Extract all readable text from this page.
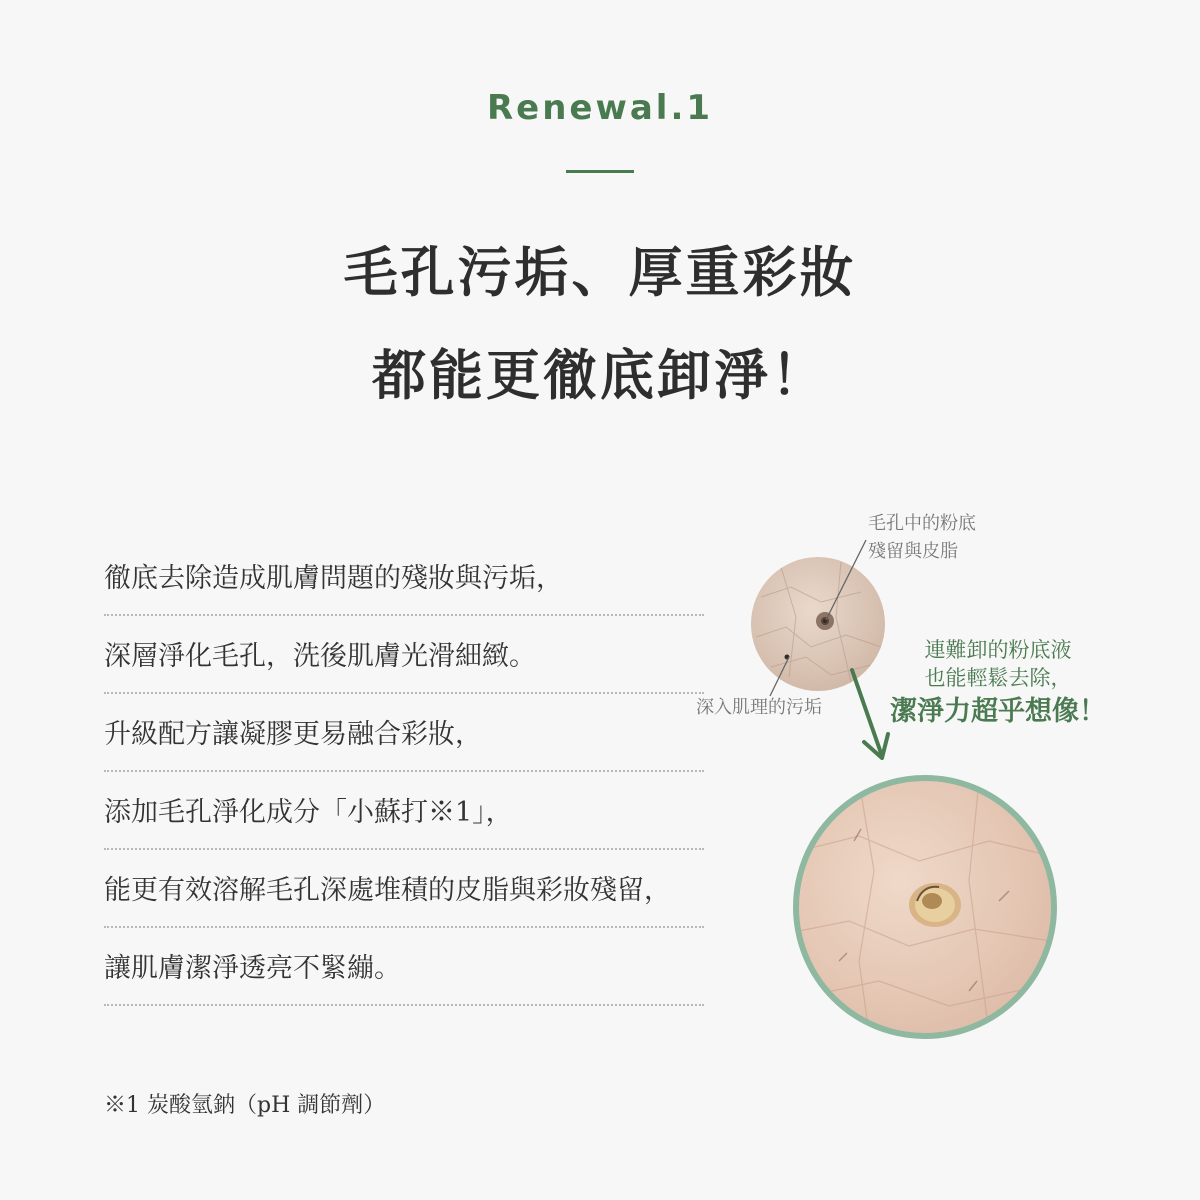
Renewal.1
毛孔污垢、厚重彩妝
都能更徹底卸淨！
徹底去除造成肌膚問題的殘妝與污垢，
深層淨化毛孔，洗後肌膚光滑細緻。
升級配方讓凝膠更易融合彩妝，
添加毛孔淨化成分「小蘇打※1」，
能更有效溶解毛孔深處堆積的皮脂與彩妝殘留，
讓肌膚潔淨透亮不緊繃。
※1 炭酸氫鈉（pH 調節劑）
毛孔中的粉底
殘留與皮脂
深入肌理的污垢
連難卸的粉底液
也能輕鬆去除，
潔淨力超乎想像！
